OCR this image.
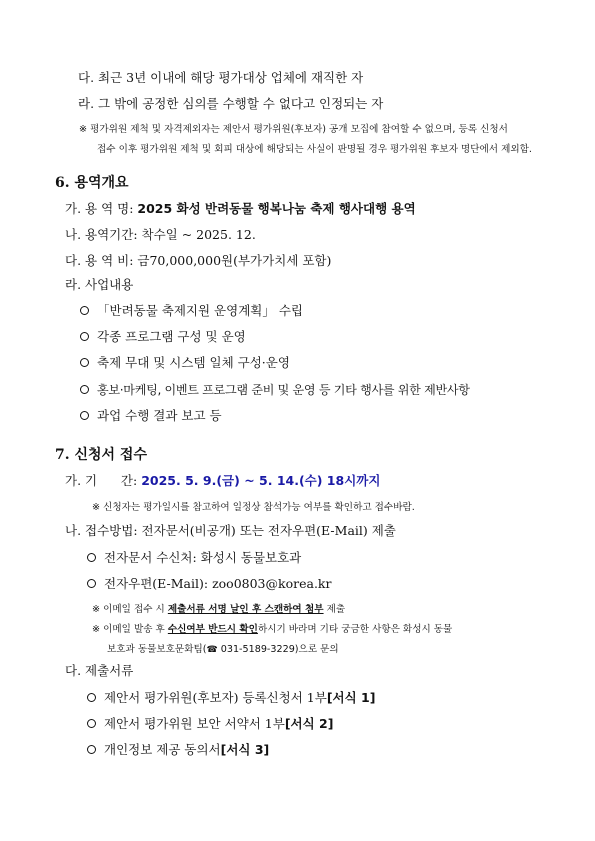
다. 최근 3년 이내에 해당 평가대상 업체에 재직한 자
라. 그 밖에 공정한 심의를 수행할 수 없다고 인정되는 자
※ 평가위원 제척 및 자격제외자는 제안서 평가위원(후보자) 공개 모집에 참여할 수 없으며, 등록 신청서
접수 이후 평가위원 제척 및 회피 대상에 해당되는 사실이 판명될 경우 평가위원 후보자 명단에서 제외함.
6. 용역개요
가. 용 역 명: 2025 화성 반려동물 행복나눔 축제 행사대행 용역
나. 용역기간: 착수일 ~ 2025. 12.
다. 용 역 비: 금70,000,000원(부가가치세 포함)
라. 사업내용
「반려동물 축제지원 운영계획」 수립
각종 프로그램 구성 및 운영
축제 무대 및 시스템 일체 구성·운영
홍보·마케팅, 이벤트 프로그램 준비 및 운영 등 기타 행사를 위한 제반사항
과업 수행 결과 보고 등
7. 신청서 접수
가. 기      간: 2025. 5. 9.(금) ~ 5. 14.(수) 18시까지
※ 신청자는 평가일시를 참고하여 일정상 참석가능 여부를 확인하고 접수바람.
나. 접수방법: 전자문서(비공개) 또는 전자우편(E-Mail) 제출
전자문서 수신처: 화성시 동물보호과
전자우편(E-Mail): zoo0803@korea.kr
※ 이메일 접수 시 제출서류 서명 날인 후 스캔하여 첨부 제출
※ 이메일 발송 후 수신여부 반드시 확인하시기 바라며 기타 궁금한 사항은 화성시 동물
보호과 동물보호문화팀(☎ 031-5189-3229)으로 문의
다. 제출서류
제안서 평가위원(후보자) 등록신청서 1부[서식 1]
제안서 평가위원 보안 서약서 1부[서식 2]
개인정보 제공 동의서[서식 3]
